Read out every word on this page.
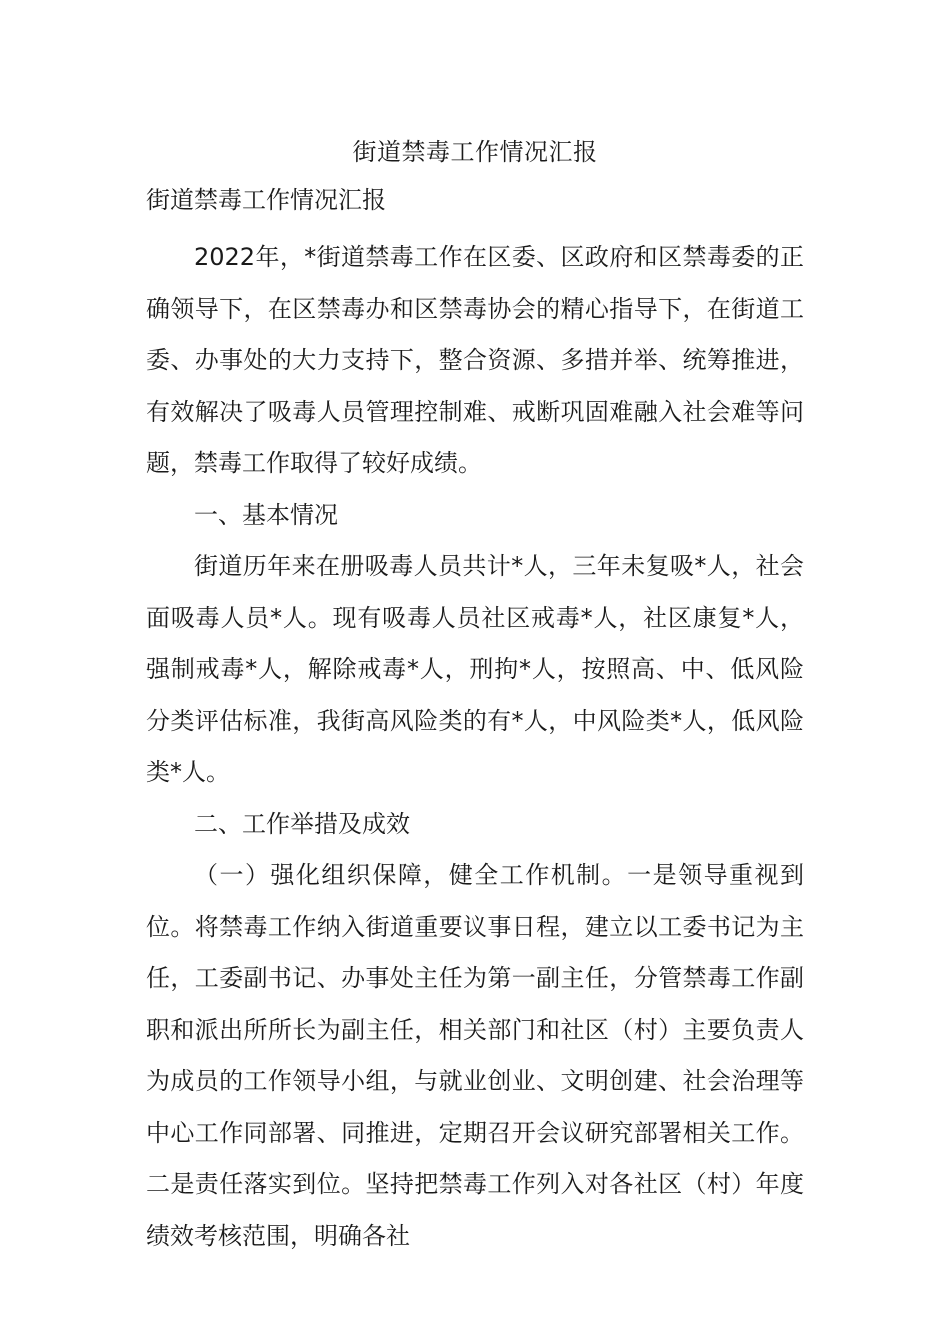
街道禁毒工作情况汇报
街道禁毒工作情况汇报

2022年，*街道禁毒工作在区委、区政府和区禁毒委的正确领导下，在区禁毒办和区禁毒协会的精心指导下，在街道工委、办事处的大力支持下，整合资源、多措并举、统筹推进，有效解决了吸毒人员管理控制难、戒断巩固难融入社会难等问题，禁毒工作取得了较好成绩。

一、基本情况

街道历年来在册吸毒人员共计*人，三年未复吸*人，社会面吸毒人员*人。现有吸毒人员社区戒毒*人，社区康复*人，强制戒毒*人，解除戒毒*人，刑拘*人，按照高、中、低风险分类评估标准，我街高风险类的有*人，中风险类*人，低风险类*人。

二、工作举措及成效

（一）强化组织保障，健全工作机制。一是领导重视到位。将禁毒工作纳入街道重要议事日程，建立以工委书记为主任，工委副书记、办事处主任为第一副主任，分管禁毒工作副职和派出所所长为副主任，相关部门和社区（村）主要负责人为成员的工作领导小组，与就业创业、文明创建、社会治理等中心工作同部署、同推进，定期召开会议研究部署相关工作。二是责任落实到位。坚持把禁毒工作列入对各社区（村）年度绩效考核范围，明确各社
